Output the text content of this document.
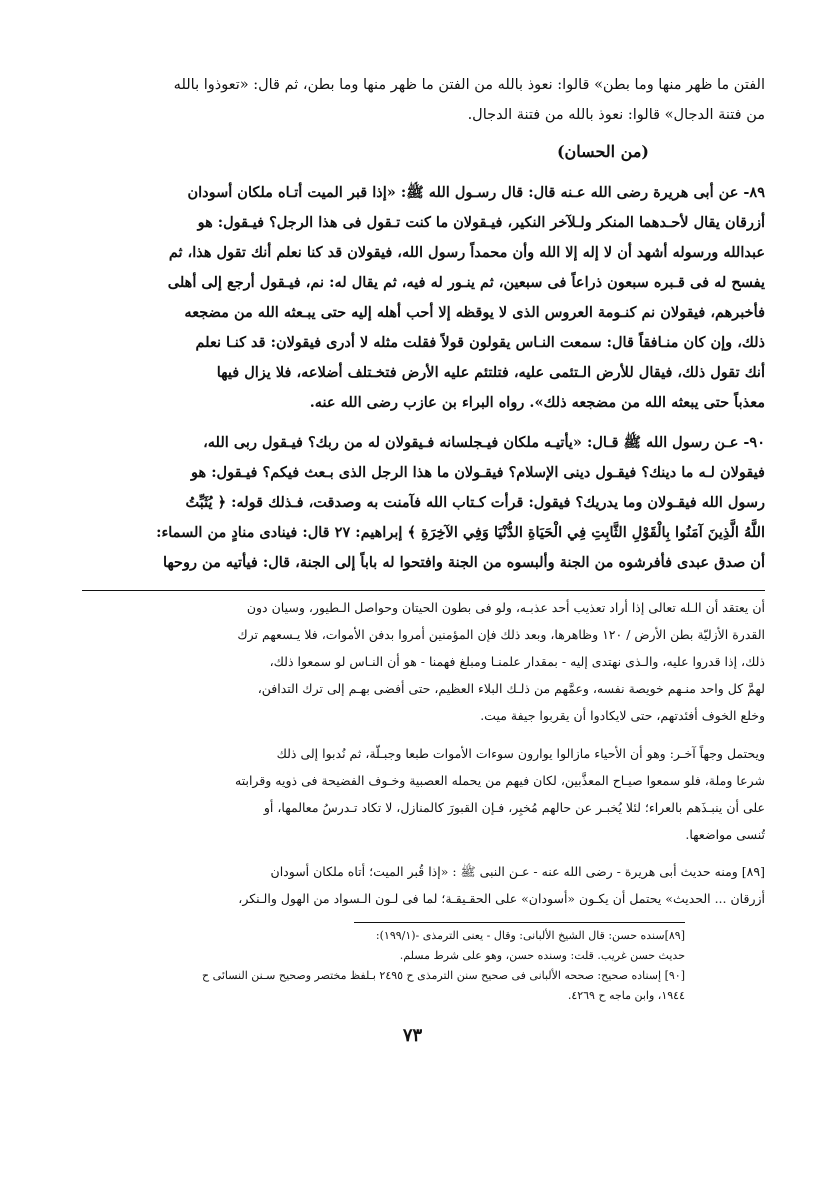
الفتن ما ظهر منها وما بطن» قالوا: نعوذ بالله من الفتن ما ظهر منها وما بطن، ثم قال: «تعوذوا بالله
من فتنة الدجال» قالوا: نعوذ بالله من فتنة الدجال.
(من الحسان)
٨٩- عن أبى هريرة رضى الله عـنه قال: قال رسـول الله ﷺ: «إذا قبر الميت أتـاه ملكان أسودان
أزرقان يقال لأحـدهما المنكر ولـلآخر النكير، فيـقولان ما كنت تـقول فى هذا الرجل؟ فيـقول: هو
عبدالله ورسوله أشهد أن لا إله إلا الله وأن محمداً رسول الله، فيقولان قد كنا نعلم أنك تقول هذا، ثم
يفسح له فى قـبره سبعون ذراعاً فى سبعين، ثم ينـور له فيه، ثم يقال له: نم، فيـقول أرجع إلى أهلى
فأخبرهم، فيقولان نم كنـومة العروس الذى لا يوقظه إلا أحب أهله إليه حتى يبـعثه الله من مضجعه
ذلك، وإن كان منـافقاً قال: سمعت النـاس يقولون قولاً فقلت مثله لا أدرى فيقولان: قد كنـا نعلم
أنك تقول ذلك، فيقال للأرض الـتئمى عليه، فتلتئم عليه الأرض فتخـتلف أضلاعه، فلا يزال فيها
معذباً حتى يبعثه الله من مضجعه ذلك». رواه البراء بن عازب رضى الله عنه.
٩٠- عـن رسول الله ﷺ قـال: «يأتيـه ملكان فيـجلسانه فـيقولان له من ربك؟ فيـقول ربى الله،
فيقولان لـه ما دينك؟ فيقـول دينى الإسلام؟ فيقـولان ما هذا الرجل الذى بـعث فيكم؟ فيـقول: هو
رسول الله فيقـولان وما يدريك؟ فيقول: قرأت كـتاب الله فآمنت به وصدقت، فـذلك قوله: ﴿ يُثَبِّتُ
اللَّهُ الَّذِينَ آمَنُوا بِالْقَوْلِ الثَّابِتِ فِي الْحَيَاةِ الدُّنْيَا وَفِي الآخِرَةِ ﴾ إبراهيم: ٢٧ قال: فينادى منادٍ من السماء:
أن صدق عبدى فأفرشوه من الجنة وألبسوه من الجنة وافتحوا له باباً إلى الجنة، قال: فيأتيه من روحها
أن يعتقد أن الـله تعالى إذا أراد تعذيب أحد عذبـه، ولو فى بطون الحيتان وحواصل الـطيور، وسيان دون
القدرة الأزليّة بطن الأرض / ١٢٠ وظاهرها، وبعد ذلك فإن المؤمنين أمروا بدفن الأموات، فلا يـسعهم ترك
ذلك، إذا قدروا عليه، والـذى نهتدى إليه - بمقدار علمنـا ومبلغ فهمنا - هو أن النـاس لو سمعوا ذلك،
لهمَّ كل واحد منـهم خويصة نفسه، وعمَّهم من ذلـك البلاء العظيم، حتى أفضى بهـم إلى ترك التدافن،
وخلع الخوف أفئدتهم، حتى لايكادوا أن يقربوا جيفة ميت.
ويحتمل وجهاً آخـر: وهو أن الأحياء مازالوا يوارون سوءات الأموات طبعا وجبـلّة، ثم نُدبوا إلى ذلك
شرعا وملة، فلو سمعوا صيـاح المعذَّبين، لكان فيهم من يحمله العصبية وخـوف الفضيحة فى ذويه وقرابته
على أن ينبـذَهم بالعراء؛ لئلا يُخبـر عن حالهم مُخبِر، فـإن القبورَ كالمنازل، لا تكاد تـدرسُ معالمها، أو
تُنسى مواضعها.
[٨٩] ومنه حديث أبى هريرة - رضى الله عنه - عـن النبى ﷺ : «إذا قُبر الميت؛ أتاه ملكان أسودان
أزرقان ... الحديث» يحتمل أن يكـون «أسودان» على الحقـيقـة؛ لما فى لـون الـسواد من الهول والـنكر،
[٨٩]سنده حسن: قال الشيخ الألبانى: وقال - يعنى الترمذى -(١٩٩/١):
حديث حسن غريب. قلت: وسنده حسن، وهو على شرط مسلم.
[٩٠] إسناده صحيح: صححه الألبانى فى صحيح سنن الترمذى ح ٢٤٩٥ بـلفظ مختصر وصحيح سـنن النسائى ح
١٩٤٤، وابن ماجه ح ٤٢٦٩.
٧٣
